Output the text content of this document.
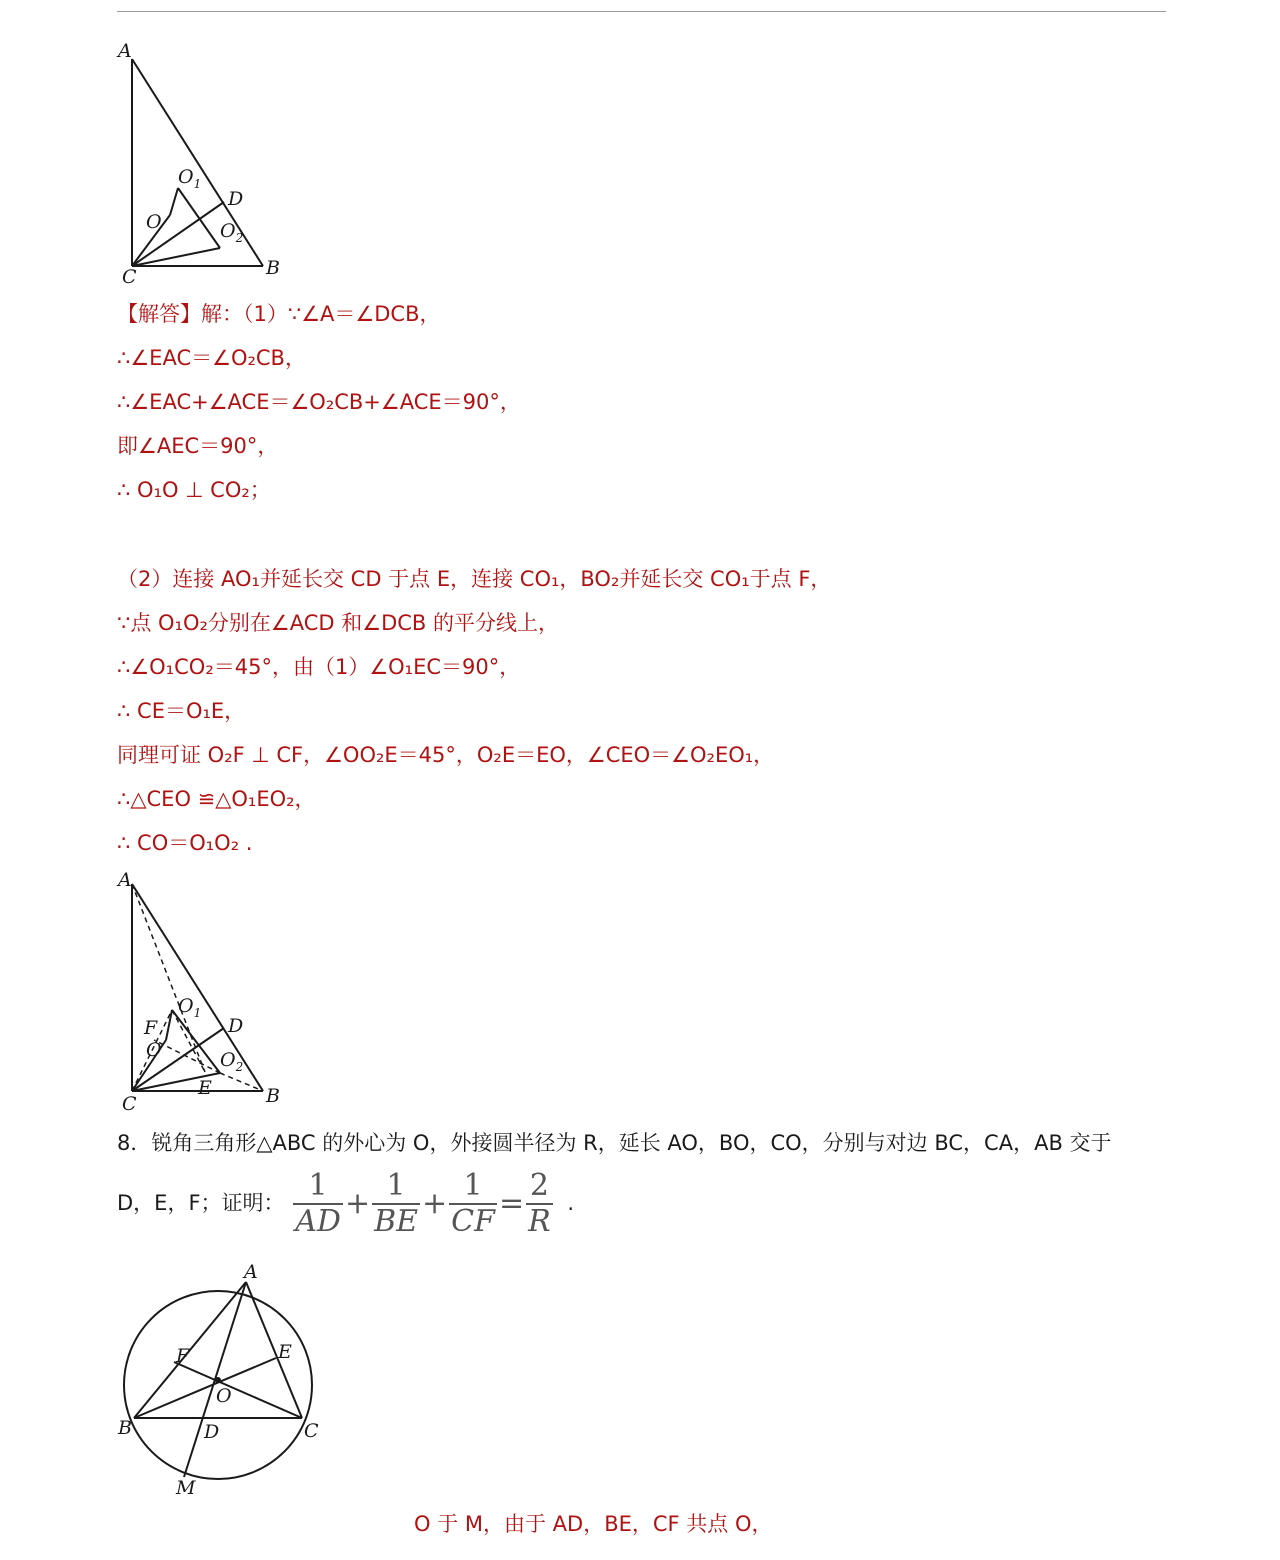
A
C	B
D
O
$O_1$
$O_2$
【解答】解：（1）∵∠A＝∠DCB，
∴∠EAC＝∠O₂CB，
∴∠EAC+∠ACE＝∠O₂CB+∠ACE＝90°，
即∠AEC＝90°，
∴ O₁O ⊥ CO₂；
（2）连接 AO₁并延长交 CD 于点 E，连接 CO₁，BO₂并延长交 CO₁于点 F，
∵点 O₁O₂分别在∠ACD 和∠DCB 的平分线上，
∴∠O₁CO₂＝45°，由（1）∠O₁EC＝90°，
∴ CE＝O₁E，
同理可证 O₂F ⊥ CF，∠OO₂E＝45°，O₂E＝EO，∠CEO＝∠O₂EO₁，
∴△CEO ≌△O₁EO₂，
∴ CO＝O₁O₂ .
A
C	B
D
F
O
E
$O_1$
$O_2$
8．锐角三角形△ABC 的外心为 O，外接圆半径为 R，延长 AO，BO，CO，分别与对边 BC，CA，AB 交于
D，E，F；证明： $\frac{1}{AD} + \frac{1}{BE} + \frac{1}{CF} = \frac{2}{R}$ .
A
B	C
D
E
F
O
M
O 于 M，由于 AD，BE，CF 共点 O，
